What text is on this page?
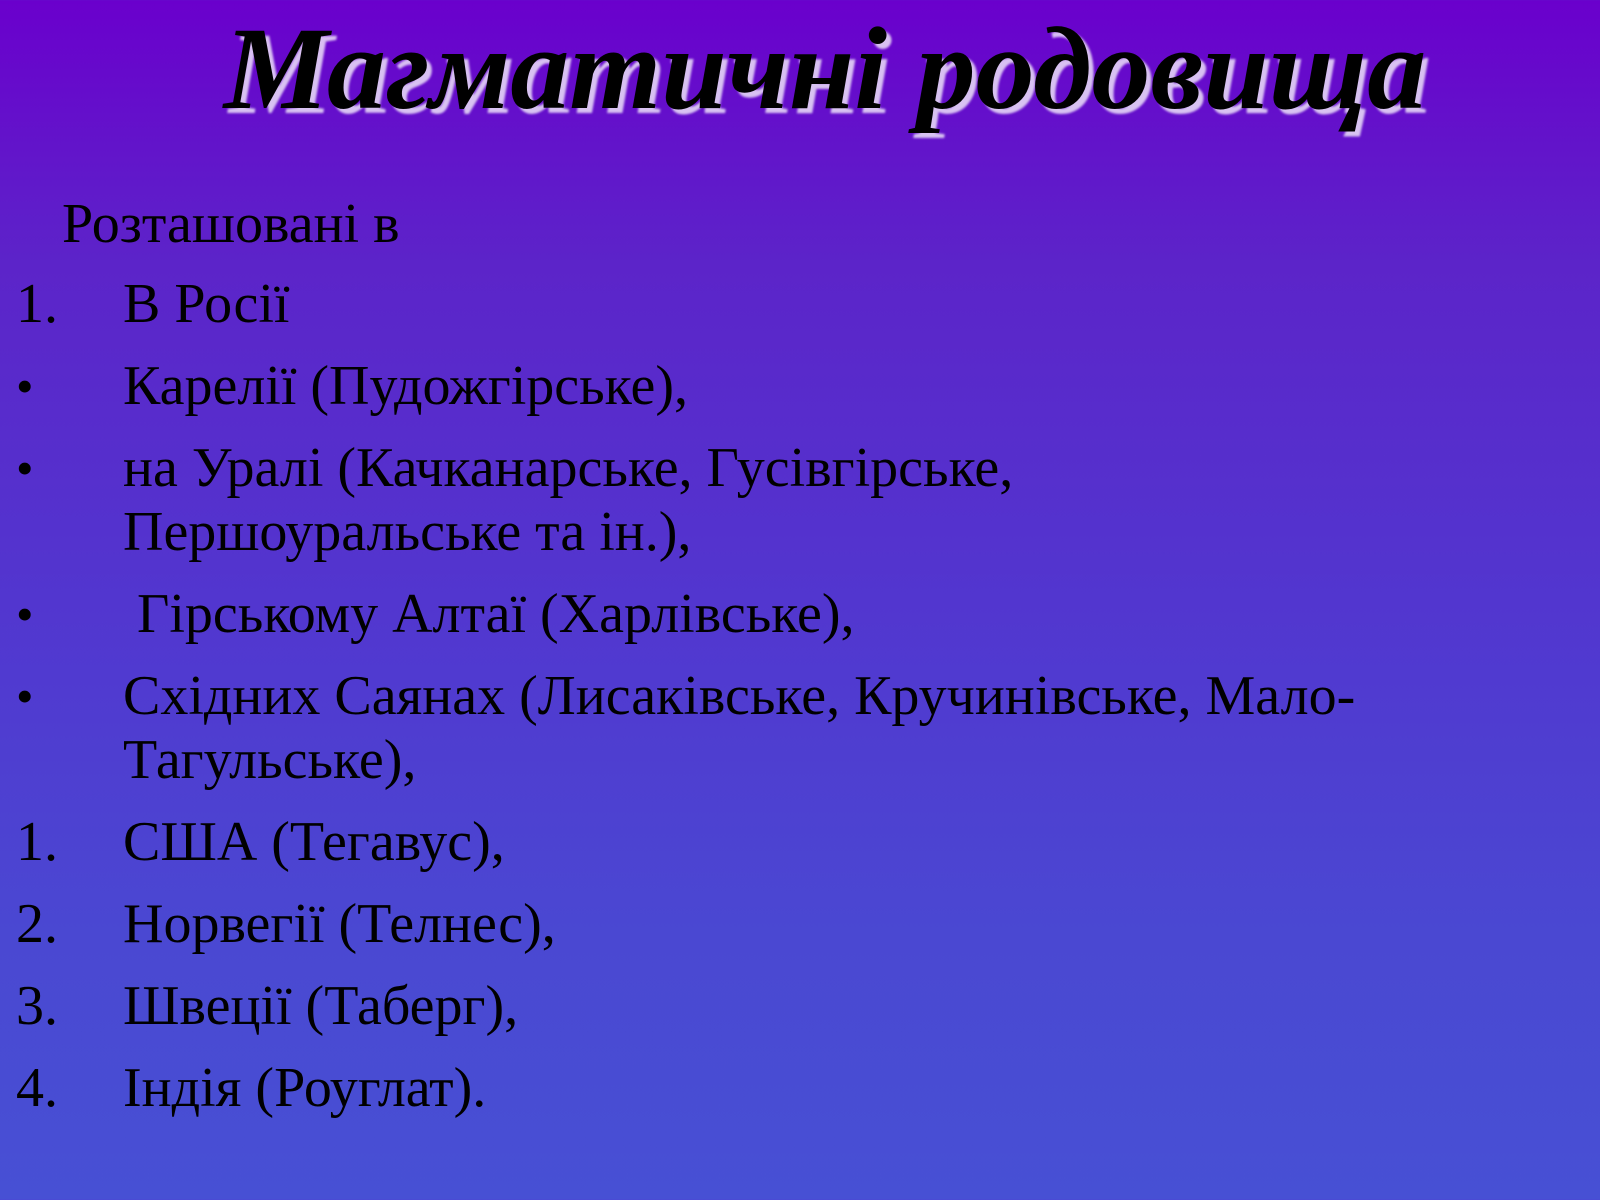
Магматичні родовища
Розташовані в
1. В Росії
• Карелії (Пудожгірське),
• на Уралі (Качканарське, Гусівгірське,
Першоуральське та ін.),
• Гірському Алтаї (Харлівське),
• Східних Саянах (Лисаківське, Кручинівське, Мало-
Тагульське),
1. США (Тегавус),
2. Норвегії (Телнес),
3. Швеції (Таберг),
4. Індія (Роуглат).
